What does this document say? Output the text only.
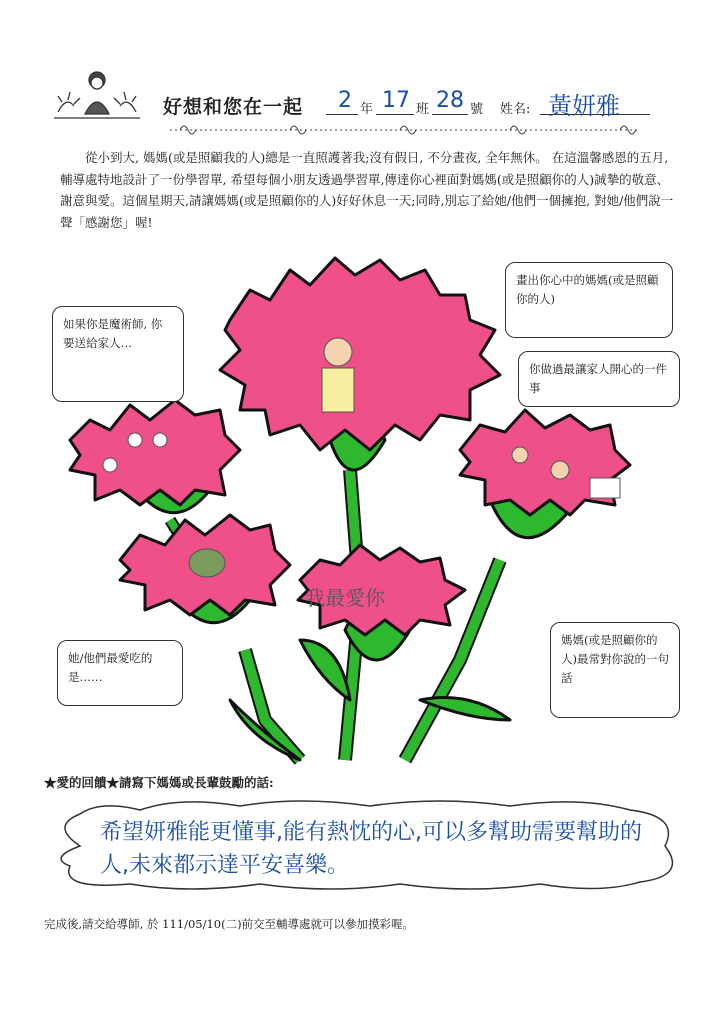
好想和您在一起 2 年 17 班 28 號 姓名: 黃妍雅
從小到大, 媽媽(或是照顧我的人)總是一直照護著我;沒有假日, 不分晝夜, 全年無休。 在這溫馨感恩的五月, 輔導處特地設計了一份學習單, 希望每個小朋友透過學習單,傳達你心裡面對媽媽(或是照顧你的人)誠摯的敬意、 謝意與愛。這個星期天,請讓媽媽(或是照顧你的人)好好休息一天;同時,別忘了給她/他們一個擁抱, 對她/他們說一聲「感謝您」喔!
我最愛你
畫出你心中的媽媽(或是照顧你的人)
如果你是魔術師, 你要送給家人…
你做過最讓家人開心的一件事
她/他們最愛吃的是……
媽媽(或是照顧你的人)最常對你說的一句話
★愛的回饋★請寫下媽媽或長輩鼓勵的話:
希望妍雅能更懂事,能有熱忱的心,可以多幫助需要幫助的人,未來都示達平安喜樂。
完成後,請交給導師, 於 111/05/10(二)前交至輔導處就可以參加摸彩喔。
